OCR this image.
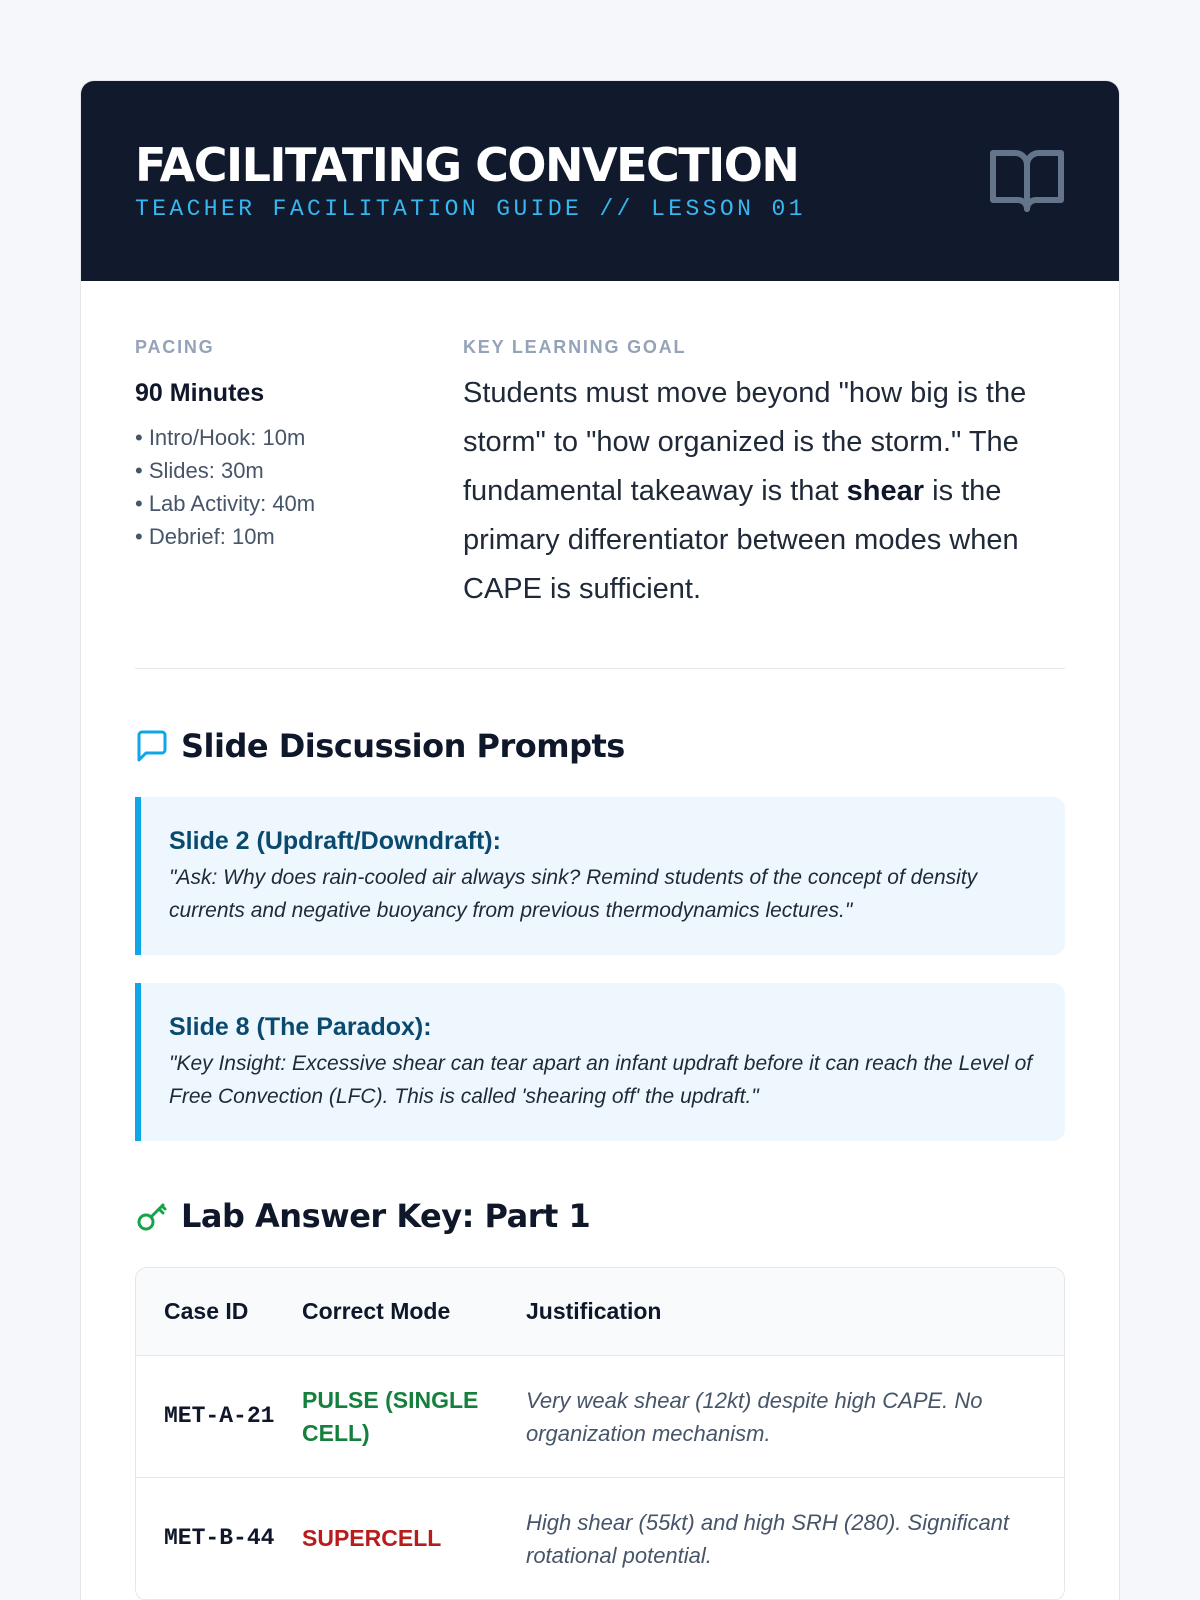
FACILITATING CONVECTION
TEACHER FACILITATION GUIDE // LESSON 01
PACING
90 Minutes
• Intro/Hook: 10m
• Slides: 30m
• Lab Activity: 40m
• Debrief: 10m
KEY LEARNING GOAL

Students must move beyond "how big is the storm" to "how organized is the storm." The fundamental takeaway is that shear is the primary differentiator between modes when CAPE is sufficient.

Slide Discussion Prompts
Slide 2 (Updraft/Downdraft):
"Ask: Why does rain-cooled air always sink? Remind students of the concept of density currents and negative buoyancy from previous thermodynamics lectures."
Slide 8 (The Paradox):
"Key Insight: Excessive shear can tear apart an infant updraft before it can reach the Level of Free Convection (LFC). This is called 'shearing off' the updraft."
Lab Answer Key: Part 1
Case ID	Correct Mode	Justification
MET-A-21
PULSE (SINGLE CELL)
Very weak shear (12kt) despite high CAPE. No organization mechanism.
MET-B-44 SUPERCELL
High shear (55kt) and high SRH (280). Significant rotational potential.
